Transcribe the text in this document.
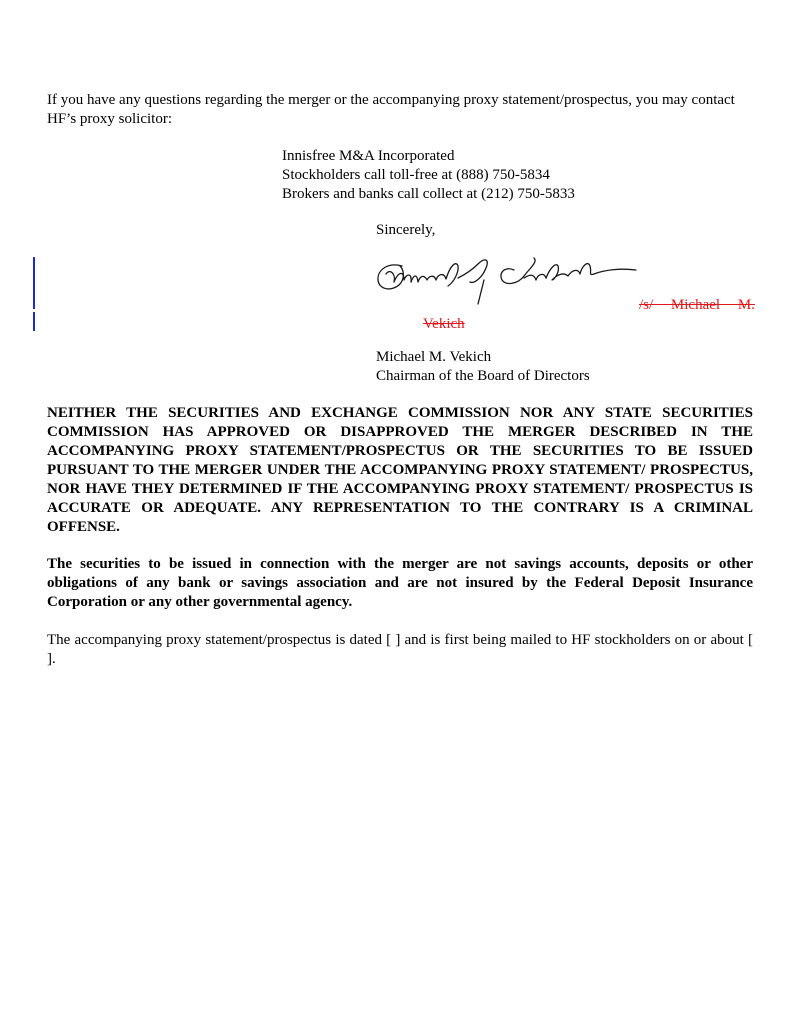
If you have any questions regarding the merger or the accompanying proxy statement/prospectus, you may contact HF’s proxy solicitor:

Innisfree M&A Incorporated
Stockholders call toll-free at (888) 750-5834
Brokers and banks call collect at (212) 750-5833
Sincerely,
/s/ Michael M.
Vekich
Michael M. Vekich
Chairman of the Board of Directors

NEITHER THE SECURITIES AND EXCHANGE COMMISSION NOR ANY STATE SECURITIES COMMISSION HAS APPROVED OR DISAPPROVED THE MERGER DESCRIBED IN THE ACCOMPANYING PROXY STATEMENT/PROSPECTUS OR THE SECURITIES TO BE ISSUED PURSUANT TO THE MERGER UNDER THE ACCOMPANYING PROXY STATEMENT/ PROSPECTUS, NOR HAVE THEY DETERMINED IF THE ACCOMPANYING PROXY STATEMENT/ PROSPECTUS IS ACCURATE OR ADEQUATE. ANY REPRESENTATION TO THE CONTRARY IS A CRIMINAL OFFENSE.

The securities to be issued in connection with the merger are not savings accounts, deposits or other obligations of any bank or savings association and are not insured by the Federal Deposit Insurance Corporation or any other governmental agency.

The accompanying proxy statement/prospectus is dated [ ] and is first being mailed to HF stockholders on or about [ ].
